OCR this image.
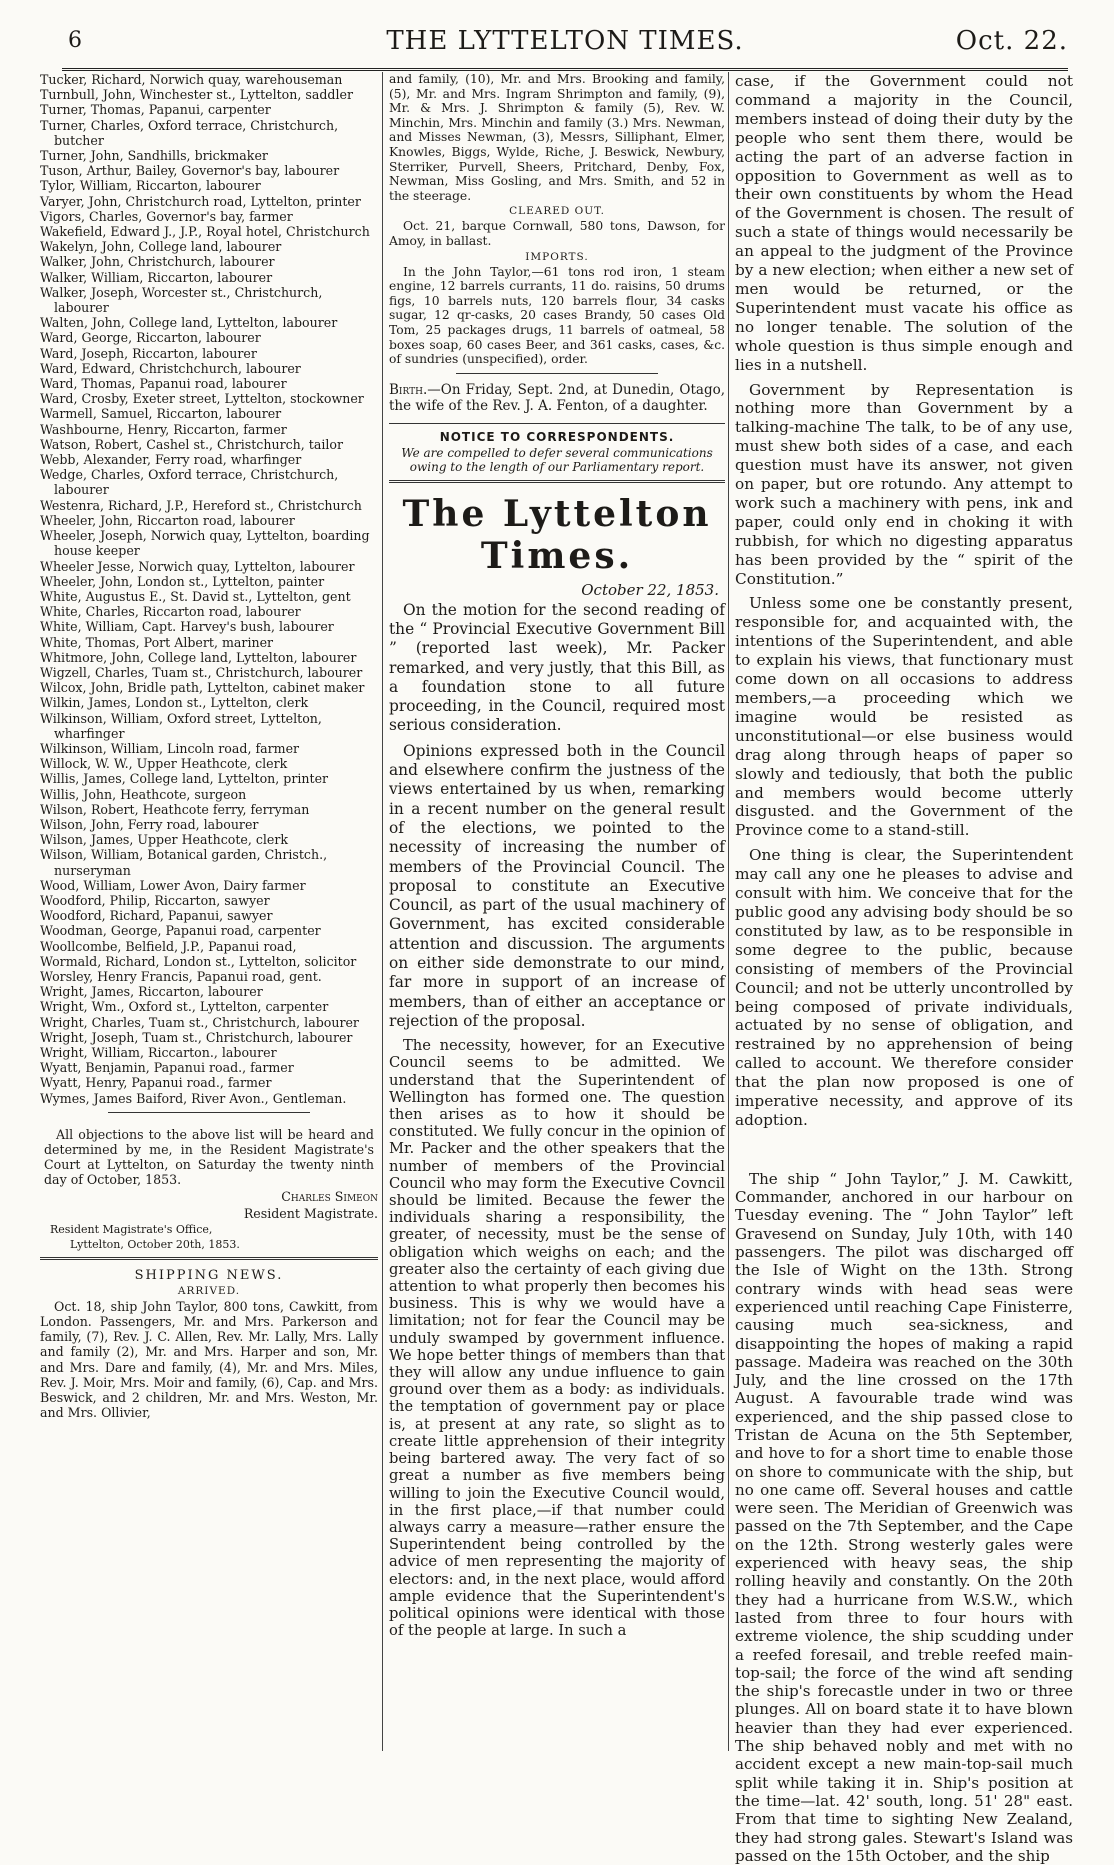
6	THE LYTTELTON TIMES.	Oct. 22.
Tucker, Richard, Norwich quay, warehouseman
Turnbull, John, Winchester st., Lyttelton, saddler
Turner, Thomas, Papanui, carpenter
Turner, Charles, Oxford terrace, Christchurch, butcher
Turner, John, Sandhills, brickmaker
Tuson, Arthur, Bailey, Governor's bay, labourer
Tylor, William, Riccarton, labourer
Varyer, John, Christchurch road, Lyttelton, printer
Vigors, Charles, Governor's bay, farmer
Wakefield, Edward J., J.P., Royal hotel, Christchurch
Wakelyn, John, College land, labourer
Walker, John, Christchurch, labourer
Walker, William, Riccarton, labourer
Walker, Joseph, Worcester st., Christchurch, labourer
Walten, John, College land, Lyttelton, labourer
Ward, George, Riccarton, labourer
Ward, Joseph, Riccarton, labourer
Ward, Edward, Christchchurch, labourer
Ward, Thomas, Papanui road, labourer
Ward, Crosby, Exeter street, Lyttelton, stockowner
Warmell, Samuel, Riccarton, labourer
Washbourne, Henry, Riccarton, farmer
Watson, Robert, Cashel st., Christchurch, tailor
Webb, Alexander, Ferry road, wharfinger
Wedge, Charles, Oxford terrace, Christchurch, labourer
Westenra, Richard, J.P., Hereford st., Christchurch
Wheeler, John, Riccarton road, labourer
Wheeler, Joseph, Norwich quay, Lyttelton, boarding house keeper
Wheeler Jesse, Norwich quay, Lyttelton, labourer
Wheeler, John, London st., Lyttelton, painter
White, Augustus E., St. David st., Lyttelton, gent
White, Charles, Riccarton road, labourer
White, William, Capt. Harvey's bush, labourer
White, Thomas, Port Albert, mariner
Whitmore, John, College land, Lyttelton, labourer
Wigzell, Charles, Tuam st., Christchurch, labourer
Wilcox, John, Bridle path, Lyttelton, cabinet maker
Wilkin, James, London st., Lyttelton, clerk
Wilkinson, William, Oxford street, Lyttelton, wharfinger
Wilkinson, William, Lincoln road, farmer
Willock, W. W., Upper Heathcote, clerk
Willis, James, College land, Lyttelton, printer
Willis, John, Heathcote, surgeon
Wilson, Robert, Heathcote ferry, ferryman
Wilson, John, Ferry road, labourer
Wilson, James, Upper Heathcote, clerk
Wilson, William, Botanical garden, Christch., nurseryman
Wood, William, Lower Avon, Dairy farmer
Woodford, Philip, Riccarton, sawyer
Woodford, Richard, Papanui, sawyer
Woodman, George, Papanui road, carpenter
Woollcombe, Belfield, J.P., Papanui road,
Wormald, Richard, London st., Lyttelton, solicitor
Worsley, Henry Francis, Papanui road, gent.
Wright, James, Riccarton, labourer
Wright, Wm., Oxford st., Lyttelton, carpenter
Wright, Charles, Tuam st., Christchurch, labourer
Wright, Joseph, Tuam st., Christchurch, labourer
Wright, William, Riccarton., labourer
Wyatt, Benjamin, Papanui road., farmer
Wyatt, Henry, Papanui road., farmer
Wymes, James Baiford, River Avon., Gentleman.

All objections to the above list will be heard and determined by me, in the Resident Magistrate's Court at Lyttelton, on Saturday the twenty ninth day of October, 1853.

Charles Simeon
Resident Magistrate.
Resident Magistrate's Office,
Lyttelton, October 20th, 1853.
SHIPPING NEWS.
ARRIVED.

Oct. 18, ship John Taylor, 800 tons, Cawkitt, from London. Passengers, Mr. and Mrs. Parkerson and family, (7), Rev. J. C. Allen, Rev. Mr. Lally, Mrs. Lally and family (2), Mr. and Mrs. Harper and son, Mr. and Mrs. Dare and family, (4), Mr. and Mrs. Miles, Rev. J. Moir, Mrs. Moir and family, (6), Cap. and Mrs. Beswick, and 2 children, Mr. and Mrs. Weston, Mr. and Mrs. Ollivier,

and family, (10), Mr. and Mrs. Brooking and family, (5), Mr. and Mrs. Ingram Shrimpton and family, (9), Mr. & Mrs. J. Shrimpton & family (5), Rev. W. Minchin, Mrs. Minchin and family (3.) Mrs. Newman, and Misses Newman, (3), Messrs, Silliphant, Elmer, Knowles, Biggs, Wylde, Riche, J. Beswick, Newbury, Sterriker, Purvell, Sheers, Pritchard, Denby, Fox, Newman, Miss Gosling, and Mrs. Smith, and 52 in the steerage.

CLEARED OUT.

Oct. 21, barque Cornwall, 580 tons, Dawson, for Amoy, in ballast.

IMPORTS.

In the John Taylor,—61 tons rod iron, 1 steam engine, 12 barrels currants, 11 do. raisins, 50 drums figs, 10 barrels nuts, 120 barrels flour, 34 casks sugar, 12 qr-casks, 20 cases Brandy, 50 cases Old Tom, 25 packages drugs, 11 barrels of oatmeal, 58 boxes soap, 60 cases Beer, and 361 casks, cases, &c. of sundries (unspecified), order.

Birth.—On Friday, Sept. 2nd, at Dunedin, Otago, the wife of the Rev. J. A. Fenton, of a daughter.

NOTICE TO CORRESPONDENTS.

We are compelled to defer several communications owing to the length of our Parliamentary report.

The Lyttelton Times.
October 22, 1853.

On the motion for the second reading of the “ Provincial Executive Government Bill ” (reported last week), Mr. Packer remarked, and very justly, that this Bill, as a foundation stone to all future proceeding, in the Council, required most serious consideration.

Opinions expressed both in the Council and elsewhere confirm the justness of the views entertained by us when, remarking in a recent number on the general result of the elections, we pointed to the necessity of increasing the number of members of the Provincial Council. The proposal to constitute an Executive Council, as part of the usual machinery of Government, has excited considerable attention and discussion. The arguments on either side demonstrate to our mind, far more in support of an increase of members, than of either an acceptance or rejection of the proposal.

The necessity, however, for an Executive Council seems to be admitted. We understand that the Superintendent of Wellington has formed one. The question then arises as to how it should be constituted. We fully concur in the opinion of Mr. Packer and the other speakers that the number of members of the Provincial Council who may form the Executive Covncil should be limited. Because the fewer the individuals sharing a responsibility, the greater, of necessity, must be the sense of obligation which weighs on each; and the greater also the certainty of each giving due attention to what properly then becomes his business. This is why we would have a limitation; not for fear the Council may be unduly swamped by government influence. We hope better things of members than that they will allow any undue influence to gain ground over them as a body: as individuals. the temptation of government pay or place is, at present at any rate, so slight as to create little apprehension of their integrity being bartered away. The very fact of so great a number as five members being willing to join the Executive Council would, in the first place,—if that number could always carry a measure—rather ensure the Superintendent being controlled by the advice of men representing the majority of electors: and, in the next place, would afford ample evidence that the Superintendent's political opinions were identical with those of the people at large. In such a

case, if the Government could not command a majority in the Council, members instead of doing their duty by the people who sent them there, would be acting the part of an adverse faction in opposition to Government as well as to their own constituents by whom the Head of the Government is chosen. The result of such a state of things would necessarily be an appeal to the judgment of the Province by a new election; when either a new set of men would be returned, or the Superintendent must vacate his office as no longer tenable. The solution of the whole question is thus simple enough and lies in a nutshell.

Government by Representation is nothing more than Government by a talking-machine The talk, to be of any use, must shew both sides of a case, and each question must have its answer, not given on paper, but ore rotundo. Any attempt to work such a machinery with pens, ink and paper, could only end in choking it with rubbish, for which no digesting apparatus has been provided by the “ spirit of the Constitution.”

Unless some one be constantly present, responsible for, and acquainted with, the intentions of the Superintendent, and able to explain his views, that functionary must come down on all occasions to address members,—a proceeding which we imagine would be resisted as unconstitutional—or else business would drag along through heaps of paper so slowly and tediously, that both the public and members would become utterly disgusted. and the Government of the Province come to a stand-still.

One thing is clear, the Superintendent may call any one he pleases to advise and consult with him. We conceive that for the public good any advising body should be so constituted by law, as to be responsible in some degree to the public, because consisting of members of the Provincial Council; and not be utterly uncontrolled by being composed of private individuals, actuated by no sense of obligation, and restrained by no apprehension of being called to account. We therefore consider that the plan now proposed is one of imperative necessity, and approve of its adoption.

The ship “ John Taylor,” J. M. Cawkitt, Commander, anchored in our harbour on Tuesday evening. The “ John Taylor” left Gravesend on Sunday, July 10th, with 140 passengers. The pilot was discharged off the Isle of Wight on the 13th. Strong contrary winds with head seas were experienced until reaching Cape Finisterre, causing much sea-sickness, and disappointing the hopes of making a rapid passage. Madeira was reached on the 30th July, and the line crossed on the 17th August. A favourable trade wind was experienced, and the ship passed close to Tristan de Acuna on the 5th September, and hove to for a short time to enable those on shore to communicate with the ship, but no one came off. Several houses and cattle were seen. The Meridian of Greenwich was passed on the 7th September, and the Cape on the 12th. Strong westerly gales were experienced with heavy seas, the ship rolling heavily and constantly. On the 20th they had a hurricane from W.S.W., which lasted from three to four hours with extreme violence, the ship scudding under a reefed foresail, and treble reefed main-top-sail; the force of the wind aft sending the ship's forecastle under in two or three plunges. All on board state it to have blown heavier than they had ever experienced. The ship behaved nobly and met with no accident except a new main-top-sail much split while taking it in. Ship's position at the time—lat. 42' south, long. 51' 28" east. From that time to sighting New Zealand, they had strong gales. Stewart's Island was passed on the 15th October, and the ship
